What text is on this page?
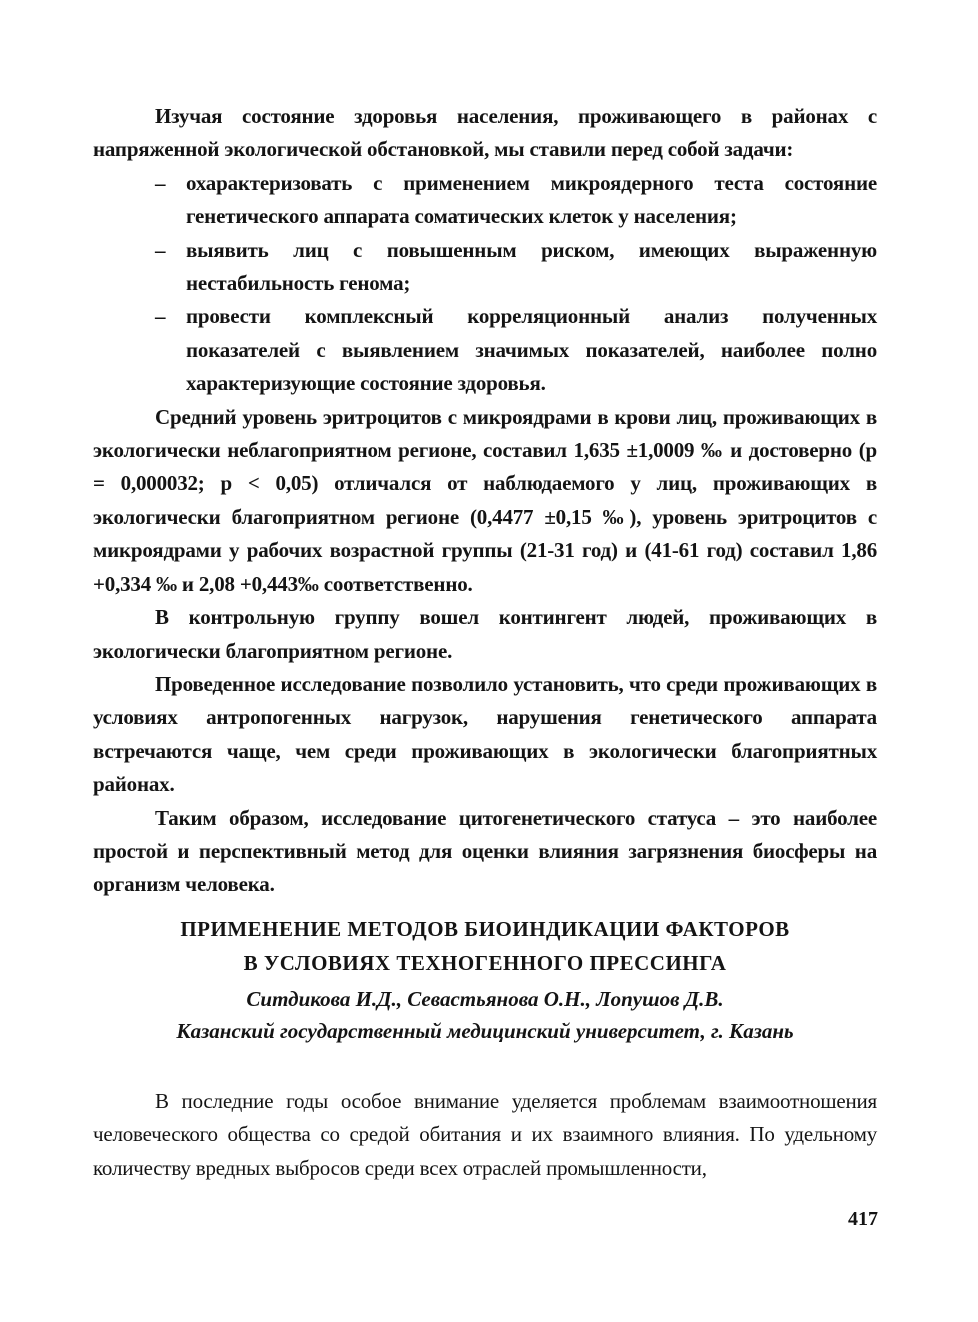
Изучая состояние здоровья населения, проживающего в районах с напряженной экологической обстановкой, мы ставили перед собой задачи:

– охарактеризовать с применением микроядерного теста состояние генетического аппарата соматических клеток у населения;
– выявить лиц с повышенным риском, имеющих выраженную нестабильность генома;
– провести комплексный корреляционный анализ полученных показателей с выявлением значимых показателей, наиболее полно характеризующие состояние здоровья.

Средний уровень эритроцитов с микроядрами в крови лиц, проживающих в экологически неблагоприятном регионе, составил 1,635 ±1,0009 ‰ и достоверно (р = 0,000032; р < 0,05) отличался от наблюдаемого у лиц, проживающих в экологически благоприятном регионе (0,4477 ±0,15 ‰), уровень эритроцитов с микроядрами у рабочих возрастной группы (21-31 год) и (41-61 год) составил 1,86 +0,334 ‰ и 2,08 +0,443‰ соответственно.

В контрольную группу вошел контингент людей, проживающих в экологически благоприятном регионе.

Проведенное исследование позволило установить, что среди проживающих в условиях антропогенных нагрузок, нарушения генетического аппарата встречаются чаще, чем среди проживающих в экологически благоприятных районах.

Таким образом, исследование цитогенетического статуса – это наиболее простой и перспективный метод для оценки влияния загрязнения биосферы на организм человека.

ПРИМЕНЕНИЕ МЕТОДОВ БИОИНДИКАЦИИ ФАКТОРОВ
В УСЛОВИЯХ ТЕХНОГЕННОГО ПРЕССИНГА
Ситдикова И.Д., Севастьянова О.Н., Лопушов Д.В.
Казанский государственный медицинский университет, г. Казань

В последние годы особое внимание уделяется проблемам взаимоотношения человеческого общества со средой обитания и их взаимного влияния. По удельному количеству вредных выбросов среди всех отраслей промышленности,

417
